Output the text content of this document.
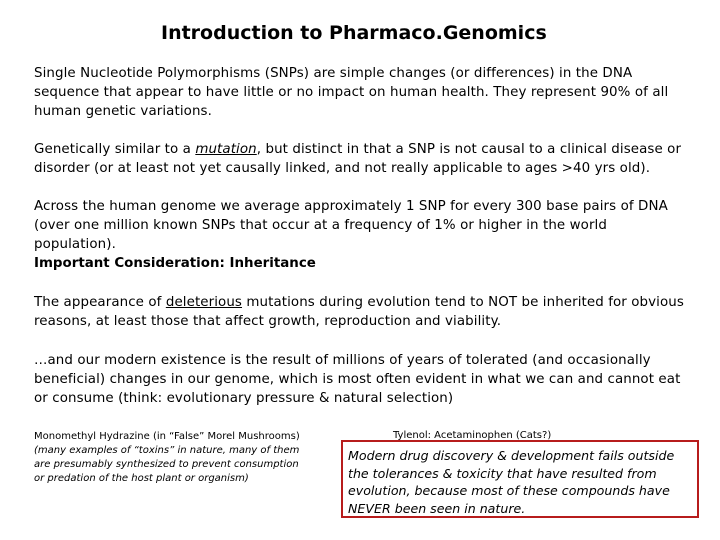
Introduction to Pharmaco.Genomics
Single Nucleotide Polymorphisms (SNPs) are simple changes (or differences) in the DNA sequence that appear to have little or no impact on human health. They represent 90% of all human genetic variations.
Genetically similar to a mutation, but distinct in that a SNP is not causal to a clinical disease or disorder (or at least not yet causally linked, and not really applicable to ages >40 yrs old).
Across the human genome we average approximately 1 SNP for every 300 base pairs of DNA (over one million known SNPs that occur at a frequency of 1% or higher in the world population).
Important Consideration: Inheritance
The appearance of deleterious mutations during evolution tend to NOT be inherited for obvious reasons, at least those that affect growth, reproduction and viability.
…and our modern existence is the result of millions of years of tolerated (and occasionally beneficial) changes in our genome, which is most often evident in what we can and cannot eat or consume (think: evolutionary pressure & natural selection)
Monomethyl Hydrazine (in “False” Morel Mushrooms)
(many examples of “toxins” in nature, many of them are presumably synthesized to prevent consumption or predation of the host plant or organism)
Tylenol: Acetaminophen (Cats?)
Modern drug discovery & development fails outside the tolerances & toxicity that have resulted from evolution, because most of these compounds have NEVER been seen in nature.
